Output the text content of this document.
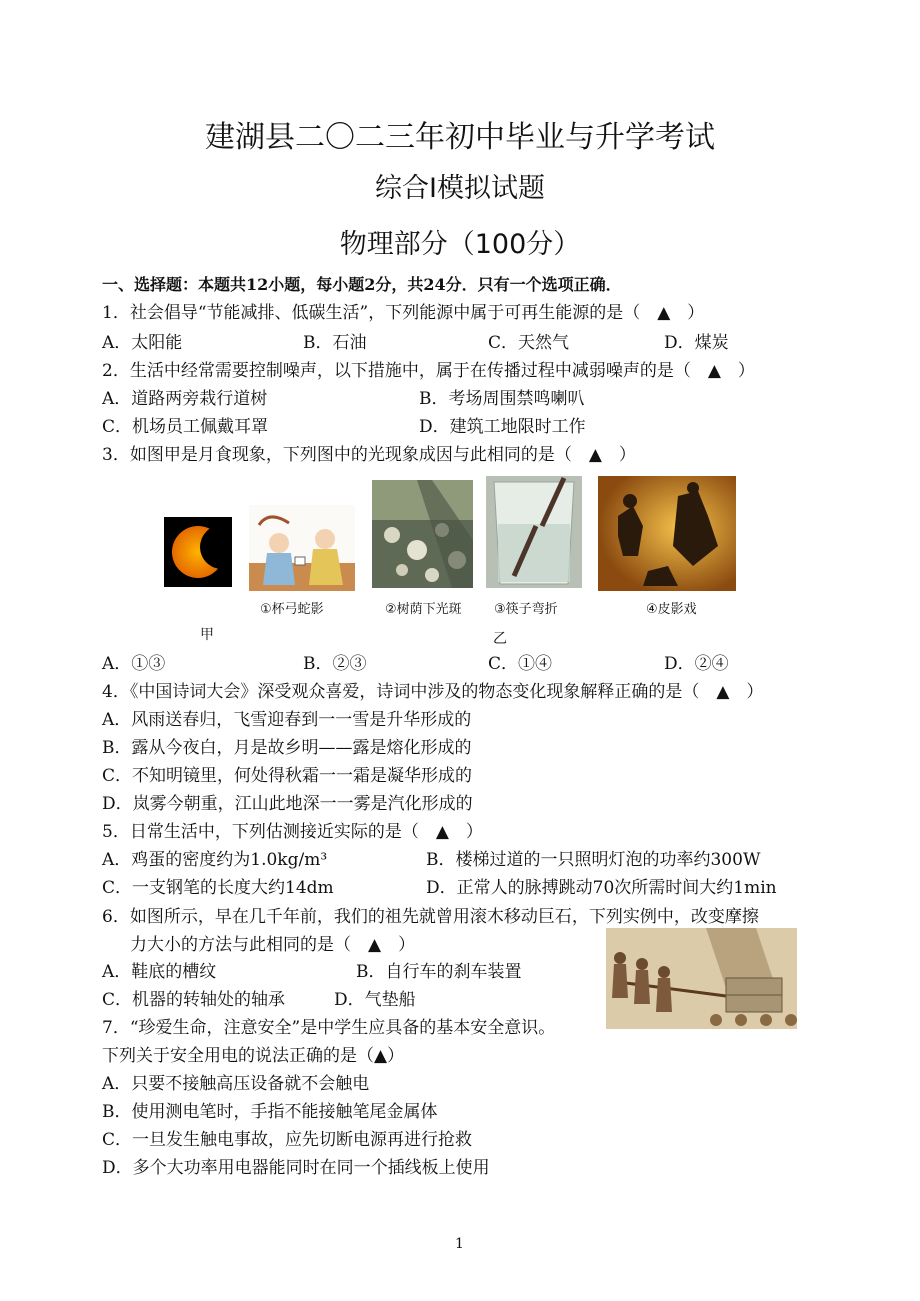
建湖县二〇二三年初中毕业与升学考试
综合Ⅰ模拟试题
物理部分（100分）
一、选择题：本题共12小题，每小题2分，共24分．只有一个选项正确．
1．社会倡导“节能减排、低碳生活”，下列能源中属于可再生能源的是（　▲　）
A．太阳能	B．石油	C．天然气	D．煤炭
2．生活中经常需要控制噪声，以下措施中，属于在传播过程中减弱噪声的是（　▲　）
A．道路两旁栽行道树	B．考场周围禁鸣喇叭
C．机场员工佩戴耳罩	D．建筑工地限时工作
3．如图甲是月食现象，下列图中的光现象成因与此相同的是（　▲　）
①杯弓蛇影	②树荫下光斑 ③筷子弯折	④皮影戏
甲	乙
A．①③	B．②③	C．①④	D．②④
4．《中国诗词大会》深受观众喜爱，诗词中涉及的物态变化现象解释正确的是（　▲　）
A．风雨送春归，飞雪迎春到一一雪是升华形成的
B．露从今夜白，月是故乡明——露是熔化形成的
C．不知明镜里，何处得秋霜一一霜是凝华形成的
D．岚雾今朝重，江山此地深一一雾是汽化形成的
5．日常生活中，下列估测接近实际的是（　▲　）
A．鸡蛋的密度约为1.0kg/m³	B．楼梯过道的一只照明灯泡的功率约300W
C．一支钢笔的长度大约14dm	D．正常人的脉搏跳动70次所需时间大约1min
6．如图所示，早在几千年前，我们的祖先就曾用滚木移动巨石，下列实例中，改变摩擦
力大小的方法与此相同的是（　▲　）
A．鞋底的槽纹	B．自行车的刹车装置
C．机器的转轴处的轴承	D．气垫船
7．“珍爱生命，注意安全”是中学生应具备的基本安全意识。
下列关于安全用电的说法正确的是（▲）
A．只要不接触高压设备就不会触电
B．使用测电笔时，手指不能接触笔尾金属体
C．一旦发生触电事故，应先切断电源再进行抢救
D．多个大功率用电器能同时在同一个插线板上使用
1
